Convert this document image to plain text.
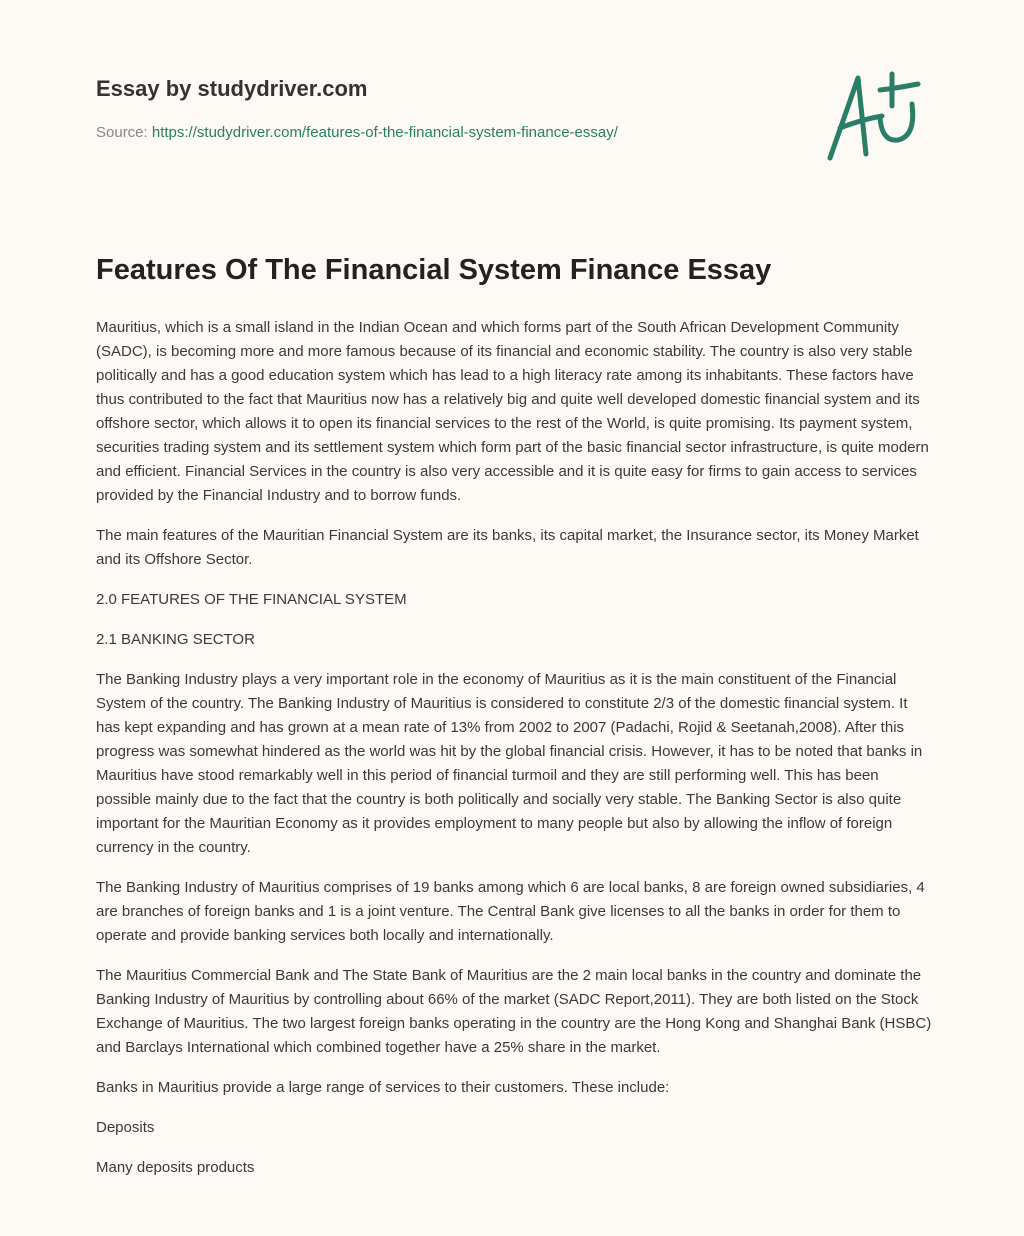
Essay by studydriver.com
Source: https://studydriver.com/features-of-the-financial-system-finance-essay/
Features Of The Financial System Finance Essay

Mauritius, which is a small island in the Indian Ocean and which forms part of the South African Development Community (SADC), is becoming more and more famous because of its financial and economic stability. The country is also very stable politically and has a good education system which has lead to a high literacy rate among its inhabitants. These factors have thus contributed to the fact that Mauritius now has a relatively big and quite well developed domestic financial system and its offshore sector, which allows it to open its financial services to the rest of the World, is quite promising. Its payment system, securities trading system and its settlement system which form part of the basic financial sector infrastructure, is quite modern and efficient. Financial Services in the country is also very accessible and it is quite easy for firms to gain access to services provided by the Financial Industry and to borrow funds.

The main features of the Mauritian Financial System are its banks, its capital market, the Insurance sector, its Money Market and its Offshore Sector.

2.0 FEATURES OF THE FINANCIAL SYSTEM

2.1 BANKING SECTOR

The Banking Industry plays a very important role in the economy of Mauritius as it is the main constituent of the Financial System of the country. The Banking Industry of Mauritius is considered to constitute 2/3 of the domestic financial system. It has kept expanding and has grown at a mean rate of 13% from 2002 to 2007 (Padachi, Rojid & Seetanah,2008). After this progress was somewhat hindered as the world was hit by the global financial crisis. However, it has to be noted that banks in Mauritius have stood remarkably well in this period of financial turmoil and they are still performing well. This has been possible mainly due to the fact that the country is both politically and socially very stable. The Banking Sector is also quite important for the Mauritian Economy as it provides employment to many people but also by allowing the inflow of foreign currency in the country.

The Banking Industry of Mauritius comprises of 19 banks among which 6 are local banks, 8 are foreign owned subsidiaries, 4 are branches of foreign banks and 1 is a joint venture. The Central Bank give licenses to all the banks in order for them to operate and provide banking services both locally and internationally.

The Mauritius Commercial Bank and The State Bank of Mauritius are the 2 main local banks in the country and dominate the Banking Industry of Mauritius by controlling about 66% of the market (SADC Report,2011). They are both listed on the Stock Exchange of Mauritius. The two largest foreign banks operating in the country are the Hong Kong and Shanghai Bank (HSBC) and Barclays International which combined together have a 25% share in the market.

Banks in Mauritius provide a large range of services to their customers. These include:

Deposits

Many deposits products
